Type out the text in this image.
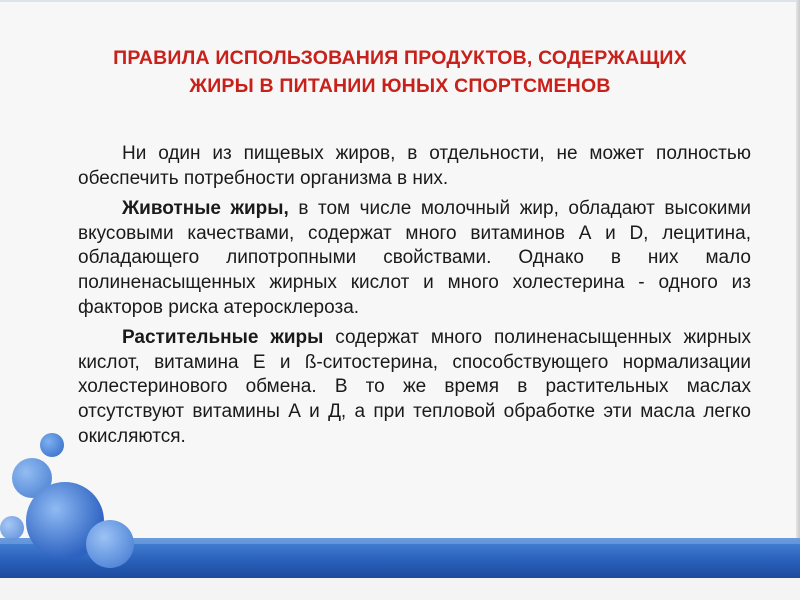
ПРАВИЛА ИСПОЛЬЗОВАНИЯ ПРОДУКТОВ, СОДЕРЖАЩИХ
ЖИРЫ В ПИТАНИИ ЮНЫХ СПОРТСМЕНОВ

Ни один из пищевых жиров, в отдельности, не может полностью обеспечить потребности организма в них.

Животные жиры, в том числе молочный жир, обладают высокими вкусовыми качествами, содержат много витаминов А и D, лецитина, обладающего липотропными свойствами. Однако в них мало полиненасыщенных жирных кислот и много холестерина - одного из факторов риска атеросклероза.

Растительные жиры содержат много полиненасыщенных жирных кислот, витамина Е и ß-ситостерина, способствующего нормализации холестеринового обмена. В то же время в растительных маслах отсутствуют витамины А и Д, а при тепловой обработке эти масла легко окисляются.
